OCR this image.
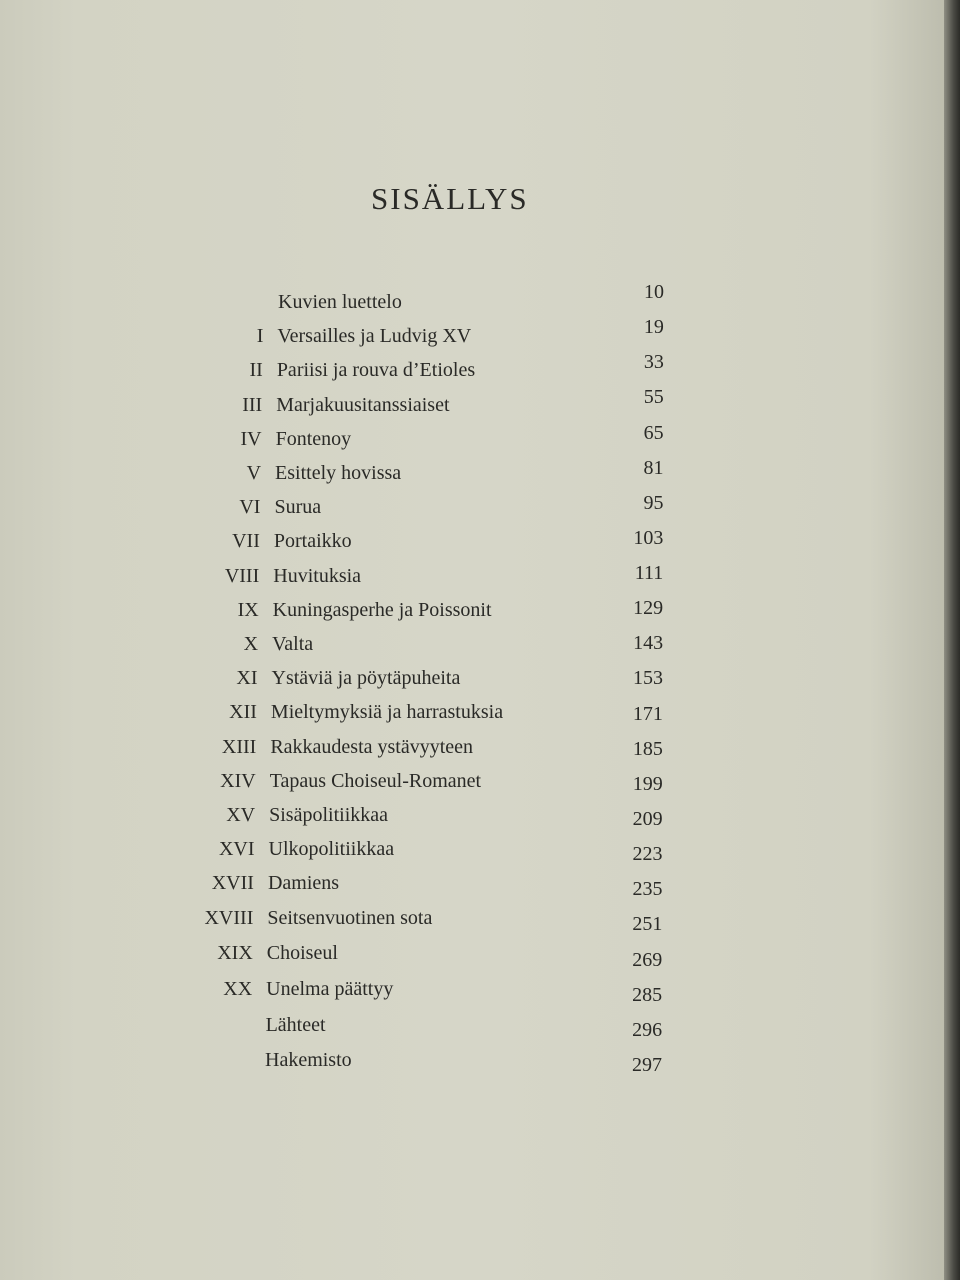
SISÄLLYS
Kuvien luettelo	10
I Versailles ja Ludvig XV	19
II Pariisi ja rouva d’Etioles	33
III Marjakuusitanssiaiset	55
IV Fontenoy	65
V Esittely hovissa	81
VI Surua	95
VII Portaikko	103
VIII Huvituksia	111
IX Kuningasperhe ja Poissonit	129
X Valta	143
XI Ystäviä ja pöytäpuheita	153
XII Mieltymyksiä ja harrastuksia	171
XIII Rakkaudesta ystävyyteen	185
XIV Tapaus Choiseul-Romanet	199
XV Sisäpolitiikkaa	209
XVI Ulkopolitiikkaa	223
XVII Damiens	235
XVIII Seitsenvuotinen sota	251
XIX Choiseul	269
XX Unelma päättyy	285
Lähteet	296
Hakemisto	297
